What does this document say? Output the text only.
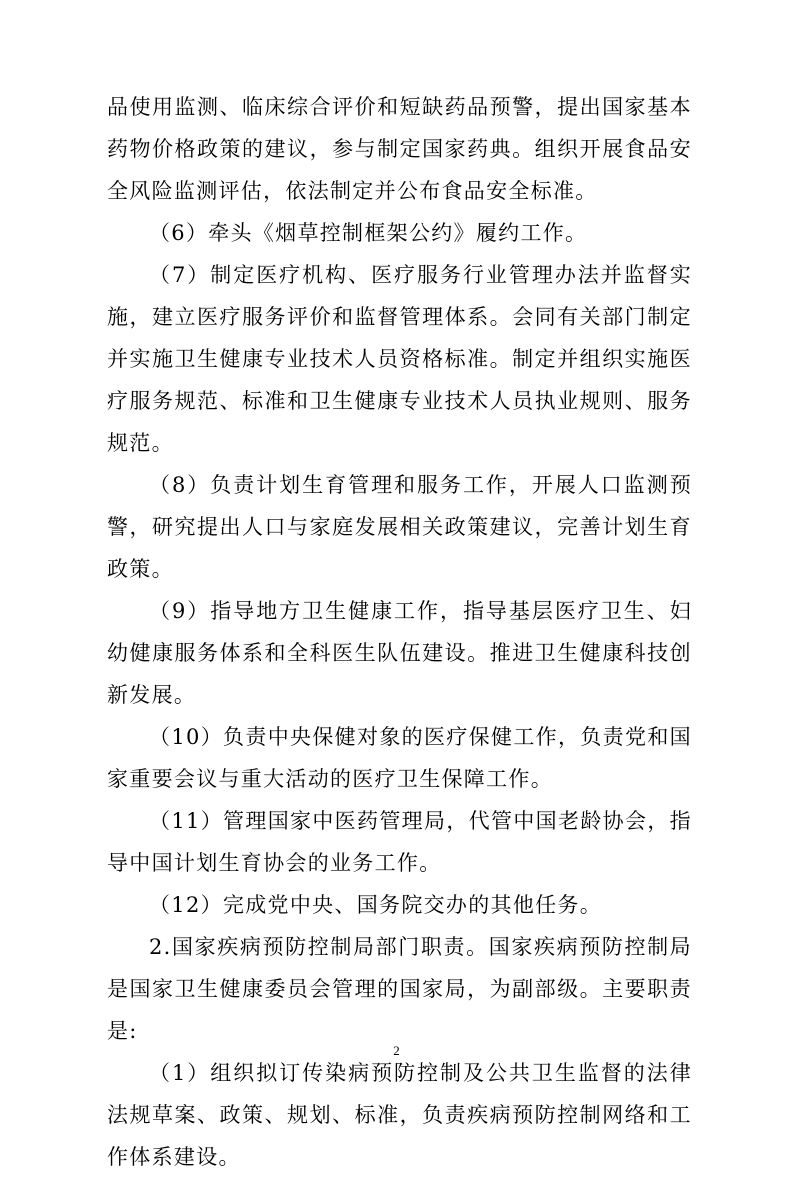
品使用监测、临床综合评价和短缺药品预警，提出国家基本药物价格政策的建议，参与制定国家药典。组织开展食品安全风险监测评估，依法制定并公布食品安全标准。

（6）牵头《烟草控制框架公约》履约工作。

（7）制定医疗机构、医疗服务行业管理办法并监督实施，建立医疗服务评价和监督管理体系。会同有关部门制定并实施卫生健康专业技术人员资格标准。制定并组织实施医疗服务规范、标准和卫生健康专业技术人员执业规则、服务规范。

（8）负责计划生育管理和服务工作，开展人口监测预警，研究提出人口与家庭发展相关政策建议，完善计划生育政策。

（9）指导地方卫生健康工作，指导基层医疗卫生、妇幼健康服务体系和全科医生队伍建设。推进卫生健康科技创新发展。

（10）负责中央保健对象的医疗保健工作，负责党和国家重要会议与重大活动的医疗卫生保障工作。

（11）管理国家中医药管理局，代管中国老龄协会，指导中国计划生育协会的业务工作。

（12）完成党中央、国务院交办的其他任务。

2.国家疾病预防控制局部门职责。国家疾病预防控制局是国家卫生健康委员会管理的国家局，为副部级。主要职责是:

（1）组织拟订传染病预防控制及公共卫生监督的法律法规草案、政策、规划、标准，负责疾病预防控制网络和工作体系建设。

2
